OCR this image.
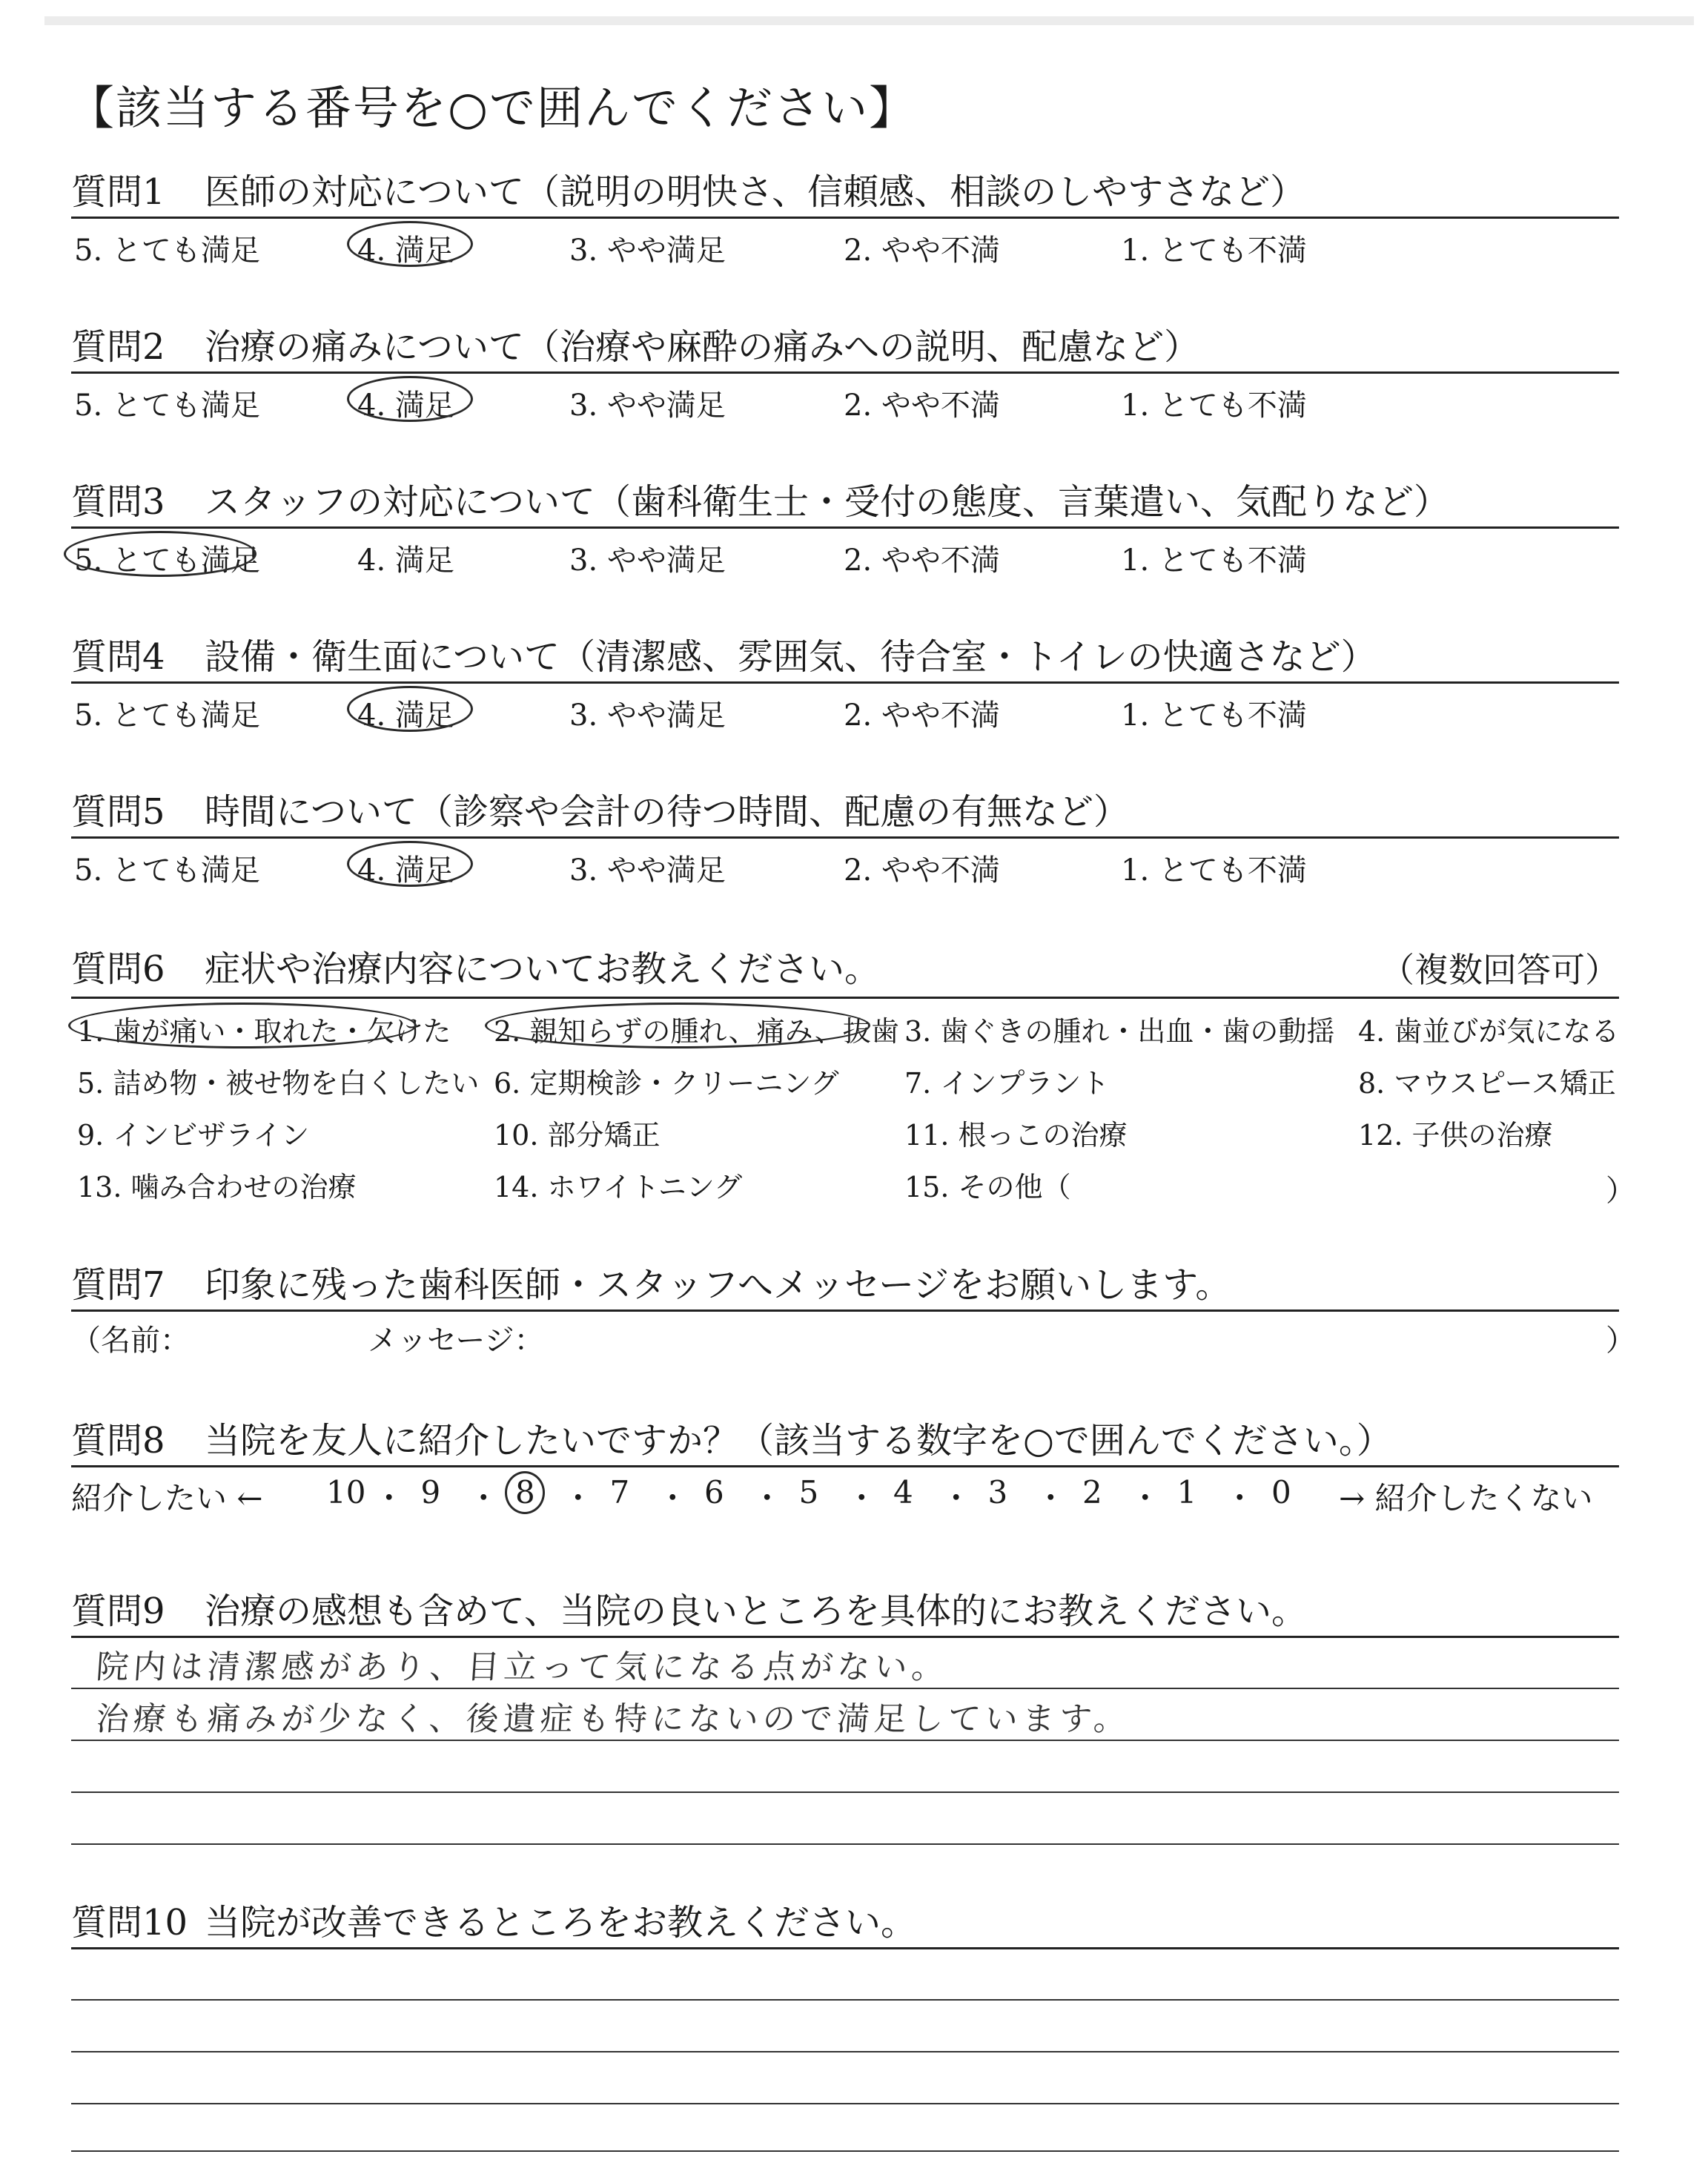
【該当する番号を○で囲んでください】
質問1 医師の対応について（説明の明快さ、信頼感、相談のしやすさなど）
5. とても満足	4. 満足	3. やや満足	2. やや不満	1. とても不満
質問2 治療の痛みについて（治療や麻酔の痛みへの説明、配慮など）
5. とても満足	4. 満足	3. やや満足	2. やや不満	1. とても不満
質問3 スタッフの対応について（歯科衛生士・受付の態度、言葉遣い、気配りなど）
5. とても満足	4. 満足	3. やや満足	2. やや不満	1. とても不満
質問4 設備・衛生面について（清潔感、雰囲気、待合室・トイレの快適さなど）
5. とても満足	4. 満足	3. やや満足	2. やや不満	1. とても不満
質問5 時間について（診察や会計の待つ時間、配慮の有無など）
5. とても満足	4. 満足	3. やや満足	2. やや不満	1. とても不満
質問6 症状や治療内容についてお教えください。	（複数回答可）
1. 歯が痛い・取れた・欠けた 2. 親知らずの腫れ、痛み、抜歯 3. 歯ぐきの腫れ・出血・歯の動揺 4. 歯並びが気になる
5. 詰め物・被せ物を白くしたい 6. 定期検診・クリーニング 7. インプラント	8. マウスピース矯正
9. インビザライン	10. 部分矯正	11. 根っこの治療	12. 子供の治療
13. 噛み合わせの治療	14. ホワイトニング	15. その他（	）
質問7 印象に残った歯科医師・スタッフへメッセージをお願いします。
（名前：	メッセージ：	）
質問8 当院を友人に紹介したいですか？（該当する数字を○で囲んでください。）
紹介したい ←	→ 紹介したくない
10 ・ 9 ・ 8 ・ 7 ・ 6 ・ 5 ・ 4 ・ 3 ・ 2 ・ 1 ・ 0
質問9 治療の感想も含めて、当院の良いところを具体的にお教えください。
院内は清潔感があり、目立って気になる点がない。
治療も痛みが少なく、後遺症も特にないので満足しています。
質問10 当院が改善できるところをお教えください。
